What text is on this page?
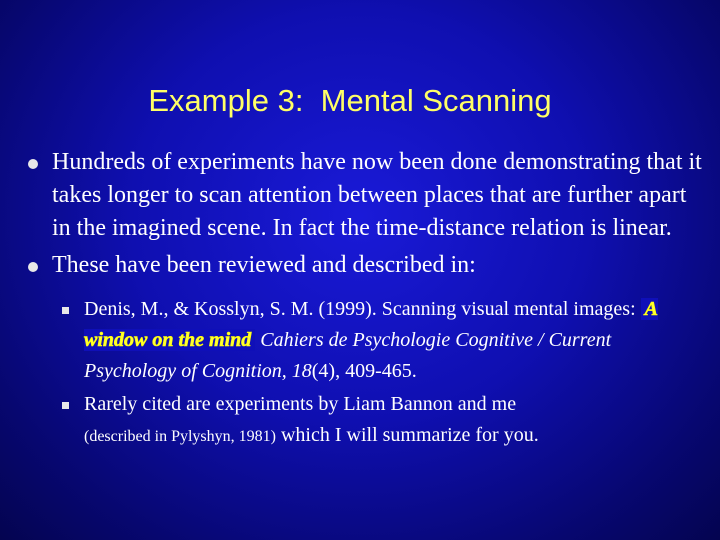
Example 3:  Mental Scanning
Hundreds of experiments have now been done demonstrating that it takes longer to scan attention between places that are further apart in the imagined scene. In fact the time-distance relation is linear.
These have been reviewed and described in:
Denis, M., & Kosslyn, S. M. (1999). Scanning visual mental images: A window on the mind Cahiers de Psychologie Cognitive / Current Psychology of Cognition, 18(4), 409-465.
Rarely cited are experiments by Liam Bannon and me
(described in Pylyshyn, 1981) which I will summarize for you.
